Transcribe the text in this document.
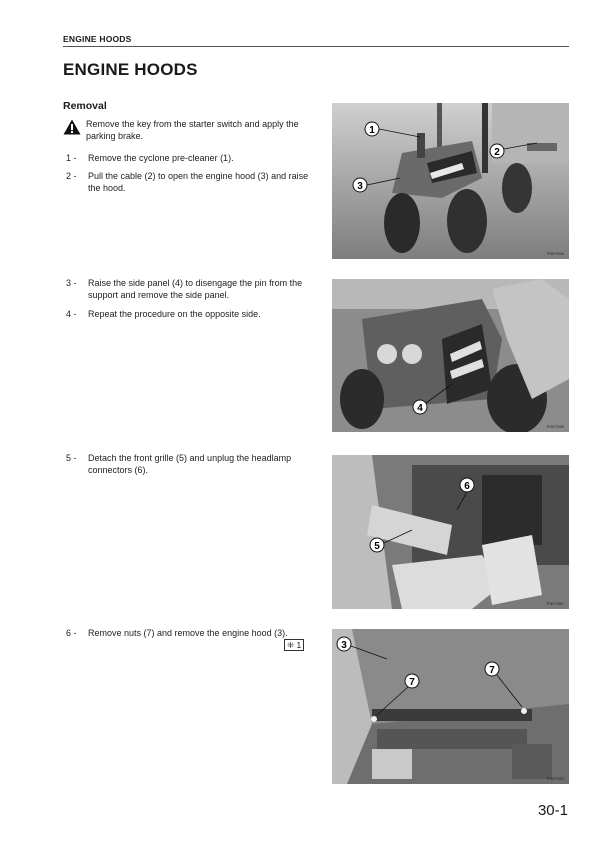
ENGINE HOODS
ENGINE HOODS
Removal
Remove the key from the starter switch and apply the parking brake.
1 -	Remove the cyclone pre-cleaner (1).
2 -	Pull the cable (2) to open the engine hood (3) and raise the hood.
3 -	Raise the side panel (4) to disengage the pin from the support and remove the side panel.
4 -	Repeat the procedure on the opposite side.
5 -	Detach the front grille (5) and unplug the headlamp connectors (6).
6 -	Remove nuts (7) and remove the engine hood (3).
⁜ 1
1
2
3
P30TS0A
4
P30TS0B
6
5
P30TS0C
3
7
7
P30TS0D
30-1
